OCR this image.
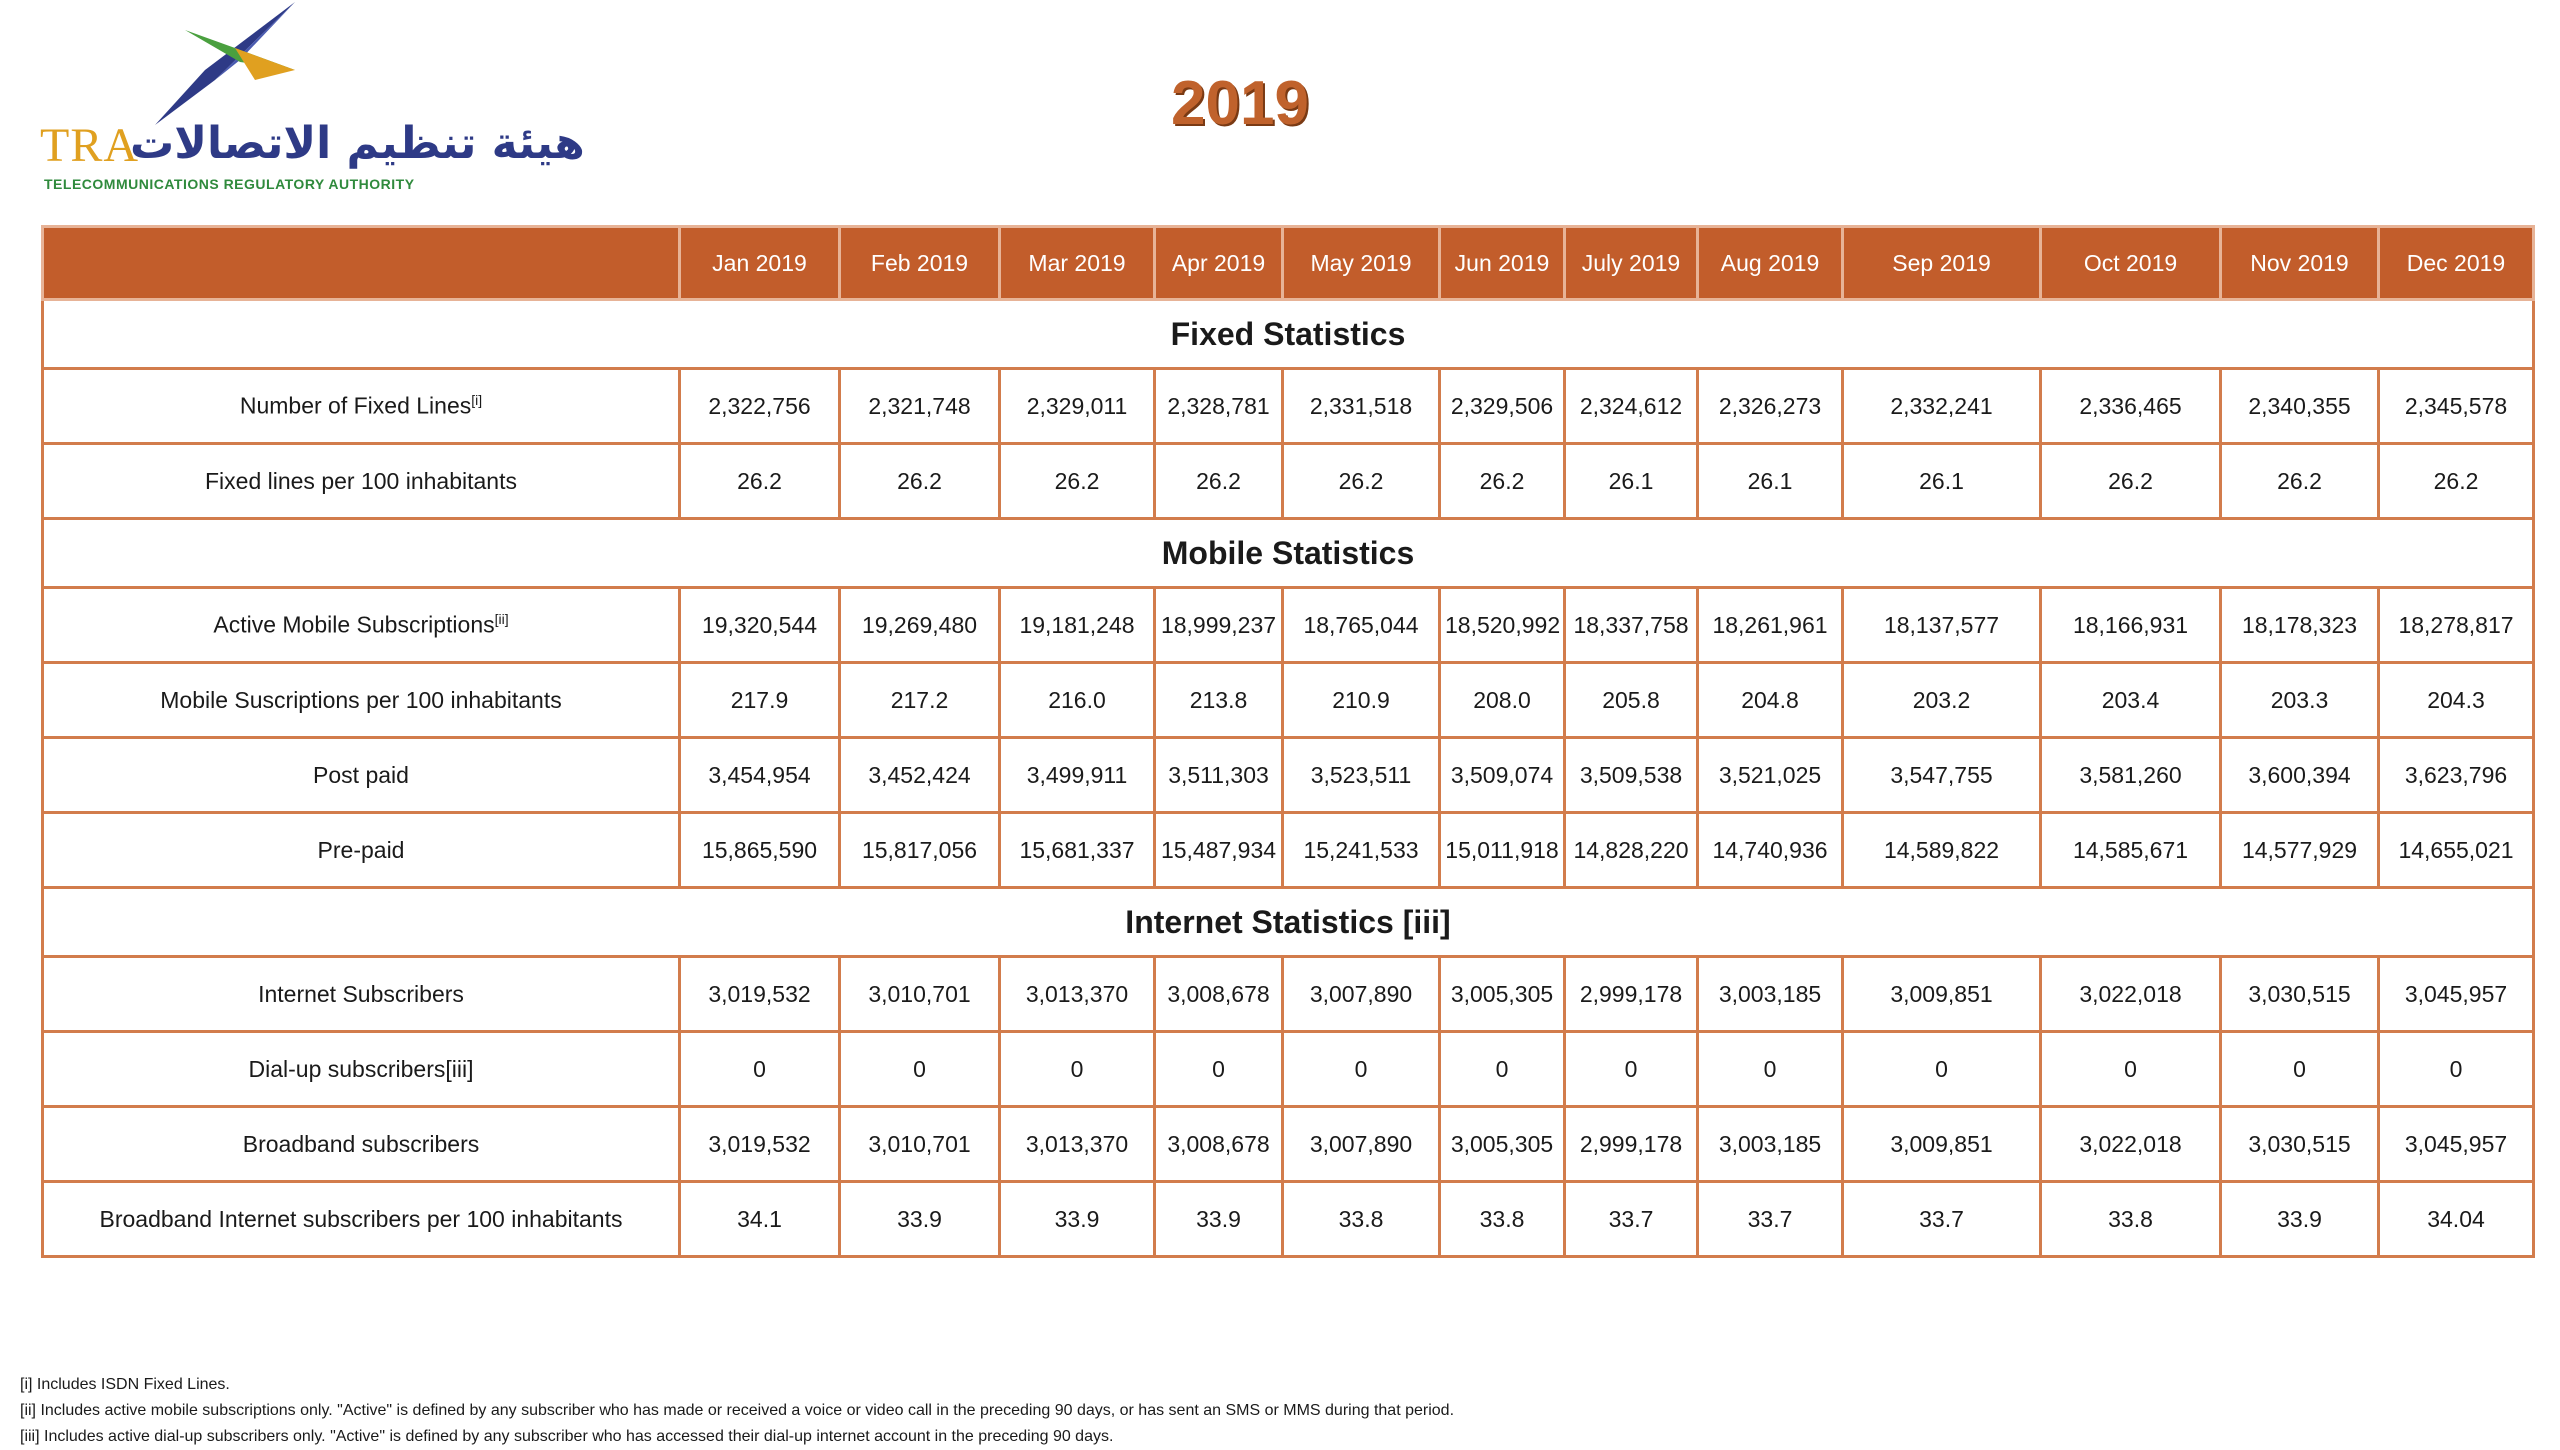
TRA
هيئة تنظيم الاتصالات
TELECOMMUNICATIONS REGULATORY AUTHORITY
2019
	Jan 2019	Feb 2019	Mar 2019	Apr 2019	May 2019	Jun 2019	July 2019	Aug 2019	Sep 2019	Oct 2019	Nov 2019	Dec 2019
Fixed Statistics												
Number of Fixed Lines[i]	2,322,756	2,321,748	2,329,011	2,328,781	2,331,518	2,329,506	2,324,612	2,326,273	2,332,241	2,336,465	2,340,355	2,345,578
Fixed lines per 100 inhabitants	26.2	26.2	26.2	26.2	26.2	26.2	26.1	26.1	26.1	26.2	26.2	26.2
Mobile Statistics												
Active Mobile Subscriptions[ii]	19,320,544	19,269,480	19,181,248	18,999,237	18,765,044	18,520,992	18,337,758	18,261,961	18,137,577	18,166,931	18,178,323	18,278,817
Mobile Suscriptions per 100 inhabitants	217.9	217.2	216.0	213.8	210.9	208.0	205.8	204.8	203.2	203.4	203.3	204.3
Post paid	3,454,954	3,452,424	3,499,911	3,511,303	3,523,511	3,509,074	3,509,538	3,521,025	3,547,755	3,581,260	3,600,394	3,623,796
Pre-paid	15,865,590	15,817,056	15,681,337	15,487,934	15,241,533	15,011,918	14,828,220	14,740,936	14,589,822	14,585,671	14,577,929	14,655,021
Internet Statistics [iii]												
Internet Subscribers	3,019,532	3,010,701	3,013,370	3,008,678	3,007,890	3,005,305	2,999,178	3,003,185	3,009,851	3,022,018	3,030,515	3,045,957
Dial-up subscribers[iii]	0	0	0	0	0	0	0	0	0	0	0	0
Broadband subscribers	3,019,532	3,010,701	3,013,370	3,008,678	3,007,890	3,005,305	2,999,178	3,003,185	3,009,851	3,022,018	3,030,515	3,045,957
Broadband Internet subscribers per 100 inhabitants	34.1	33.9	33.9	33.9	33.8	33.8	33.7	33.7	33.7	33.8	33.9	34.04
[i] Includes ISDN Fixed Lines.
[ii] Includes active mobile subscriptions only. "Active" is defined by any subscriber who has made or received a voice or video call in the preceding 90 days, or has sent an SMS or MMS during that period.
[iii] Includes active dial-up subscribers only. "Active" is defined by any subscriber who has accessed their dial-up internet account in the preceding 90 days.
